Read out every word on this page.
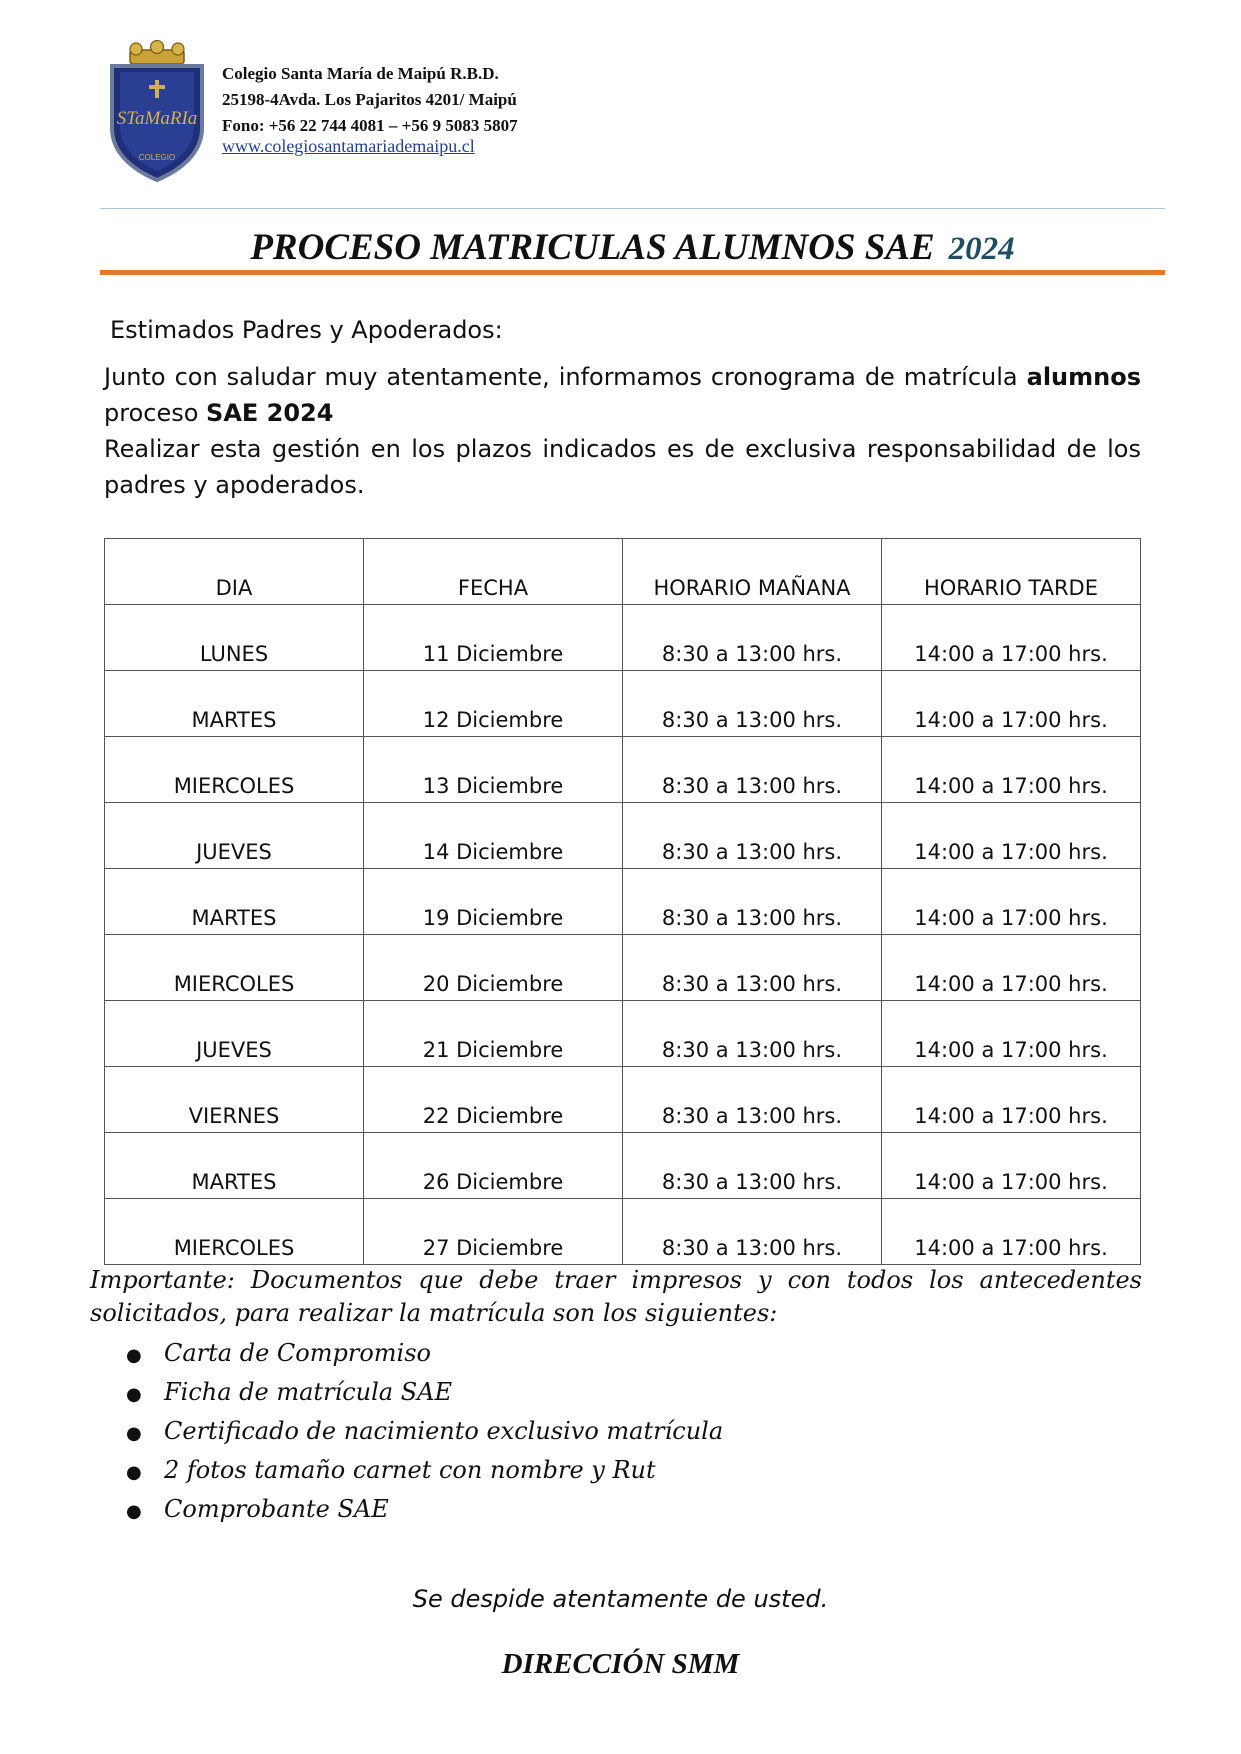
STaMaRIa
COLEGIO
Colegio Santa María de Maipú R.B.D.
25198-4Avda. Los Pajaritos 4201/ Maipú
Fono: +56 22 744 4081 – +56 9 5083 5807
www.colegiosantamariademaipu.cl
PROCESO MATRICULAS ALUMNOS SAE 2024
Estimados Padres y Apoderados:
Junto con saludar muy atentamente, informamos cronograma de matrícula alumnos
proceso SAE 2024
Realizar esta gestión en los plazos indicados es de exclusiva responsabilidad de los
padres y apoderados.
DIA	FECHA	HORARIO MAÑANA	HORARIO TARDE
LUNES	11 Diciembre	8:30 a 13:00 hrs.	14:00 a 17:00 hrs.
MARTES	12 Diciembre	8:30 a 13:00 hrs.	14:00 a 17:00 hrs.
MIERCOLES	13 Diciembre	8:30 a 13:00 hrs.	14:00 a 17:00 hrs.
JUEVES	14 Diciembre	8:30 a 13:00 hrs.	14:00 a 17:00 hrs.
MARTES	19 Diciembre	8:30 a 13:00 hrs.	14:00 a 17:00 hrs.
MIERCOLES	20 Diciembre	8:30 a 13:00 hrs.	14:00 a 17:00 hrs.
JUEVES	21 Diciembre	8:30 a 13:00 hrs.	14:00 a 17:00 hrs.
VIERNES	22 Diciembre	8:30 a 13:00 hrs.	14:00 a 17:00 hrs.
MARTES	26 Diciembre	8:30 a 13:00 hrs.	14:00 a 17:00 hrs.
MIERCOLES	27 Diciembre	8:30 a 13:00 hrs.	14:00 a 17:00 hrs.
Importante: Documentos que debe traer impresos y con todos los antecedentes solicitados, para realizar la matrícula son los siguientes:
● Carta de Compromiso
● Ficha de matrícula SAE
● Certificado de nacimiento exclusivo matrícula
● 2 fotos tamaño carnet con nombre y Rut
● Comprobante SAE
Se despide atentamente de usted.
DIRECCIÓN SMM
